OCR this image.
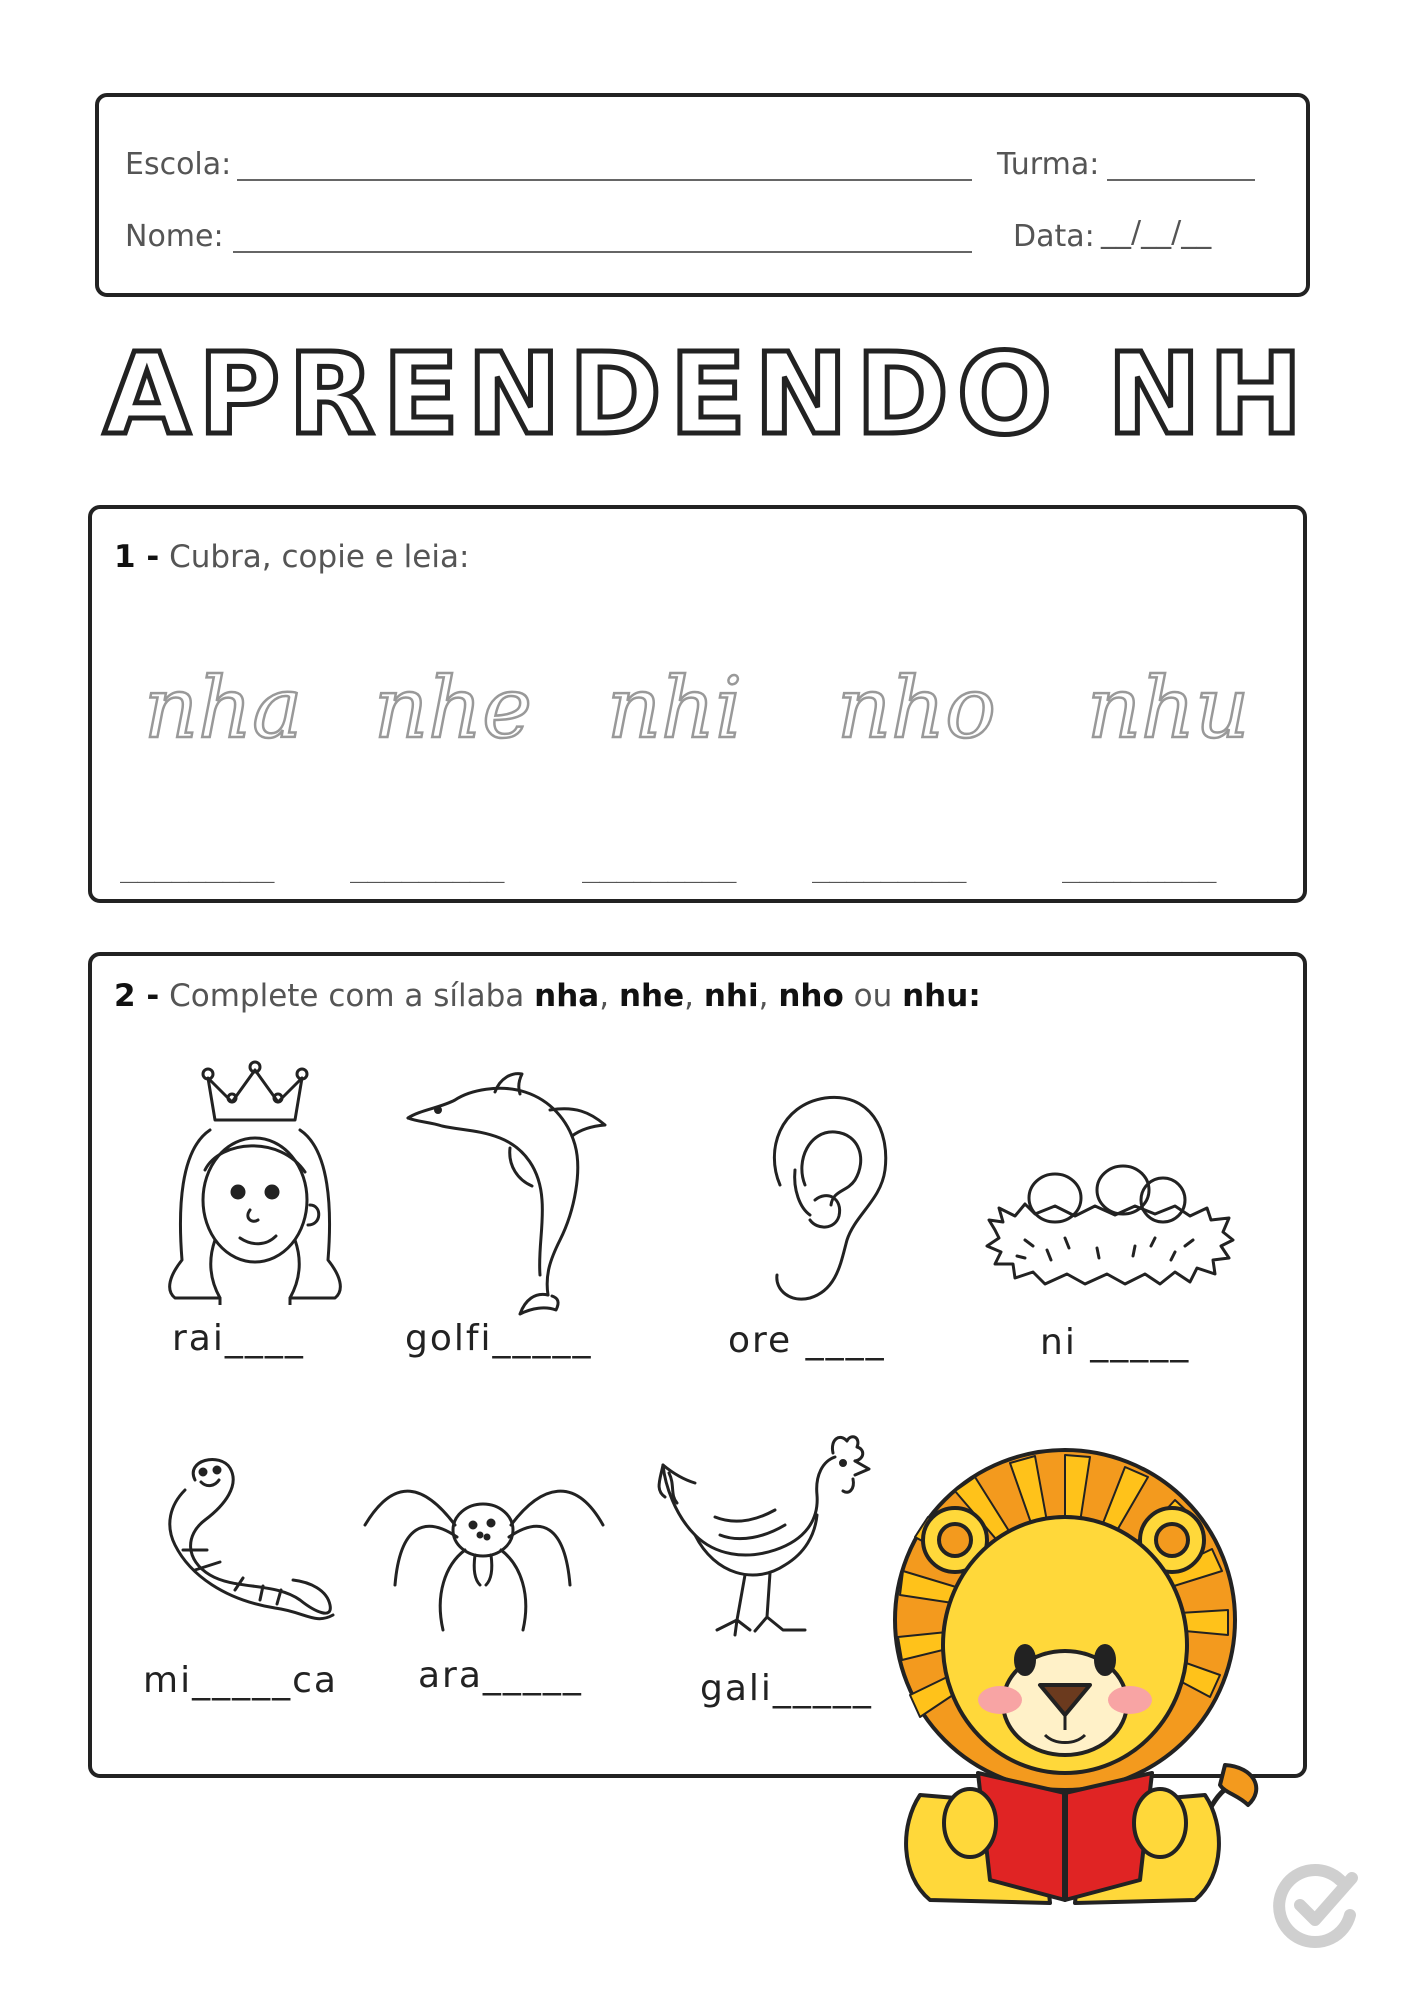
Escola:	Turma:
Nome:	Data: __/__/__
APRENDENDO NH
1 - Cubra, copie e leia:
nha nhe nhi nho nhu
_________	_________	_________	_________	_________
2 - Complete com a sílaba nha, nhe, nhi, nho ou nhu:
rai____	golfi_____	ore ____	ni _____
mi_____ca ara_____	gali_____
